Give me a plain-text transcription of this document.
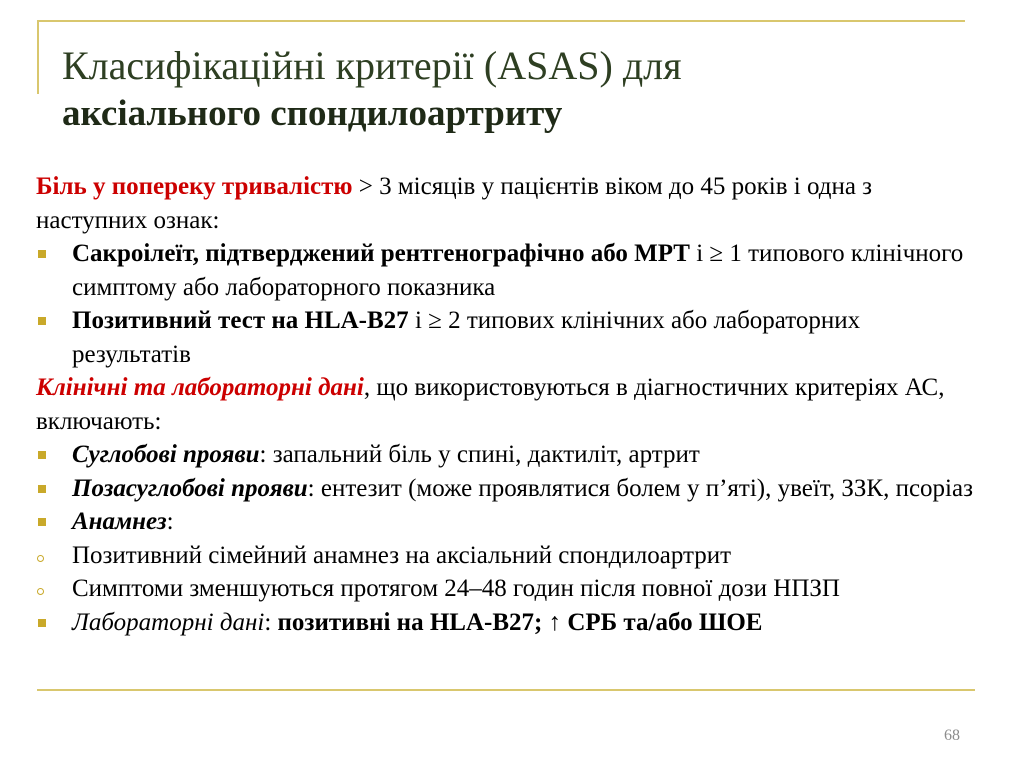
Класифікаційні критерії (ASAS) для
аксіального спондилоартриту

Біль у попереку тривалістю > 3 місяців у пацієнтів віком до 45 років і одна з наступних ознак:

Сакроілеїт, підтверджений рентгенографічно або МРТ і ≥ 1 типового клінічного симптому або лабораторного показника
Позитивний тест на HLA-B27 і ≥ 2 типових клінічних або лабораторних результатів

Клінічні та лабораторні дані, що використовуються в діагностичних критеріях АС, включають:

Суглобові прояви: запальний біль у спині, дактиліт, артрит
Позасуглобові прояви: ентезит (може проявлятися болем у п’яті), увеїт, ЗЗК, псоріаз
Анамнез:
Позитивний сімейний анамнез на аксіальний спондилоартрит
Симптоми зменшуються протягом 24–48 годин після повної дози НПЗП
Лабораторні дані: позитивні на HLA-B27; ↑ СРБ та/або ШОЕ
68
